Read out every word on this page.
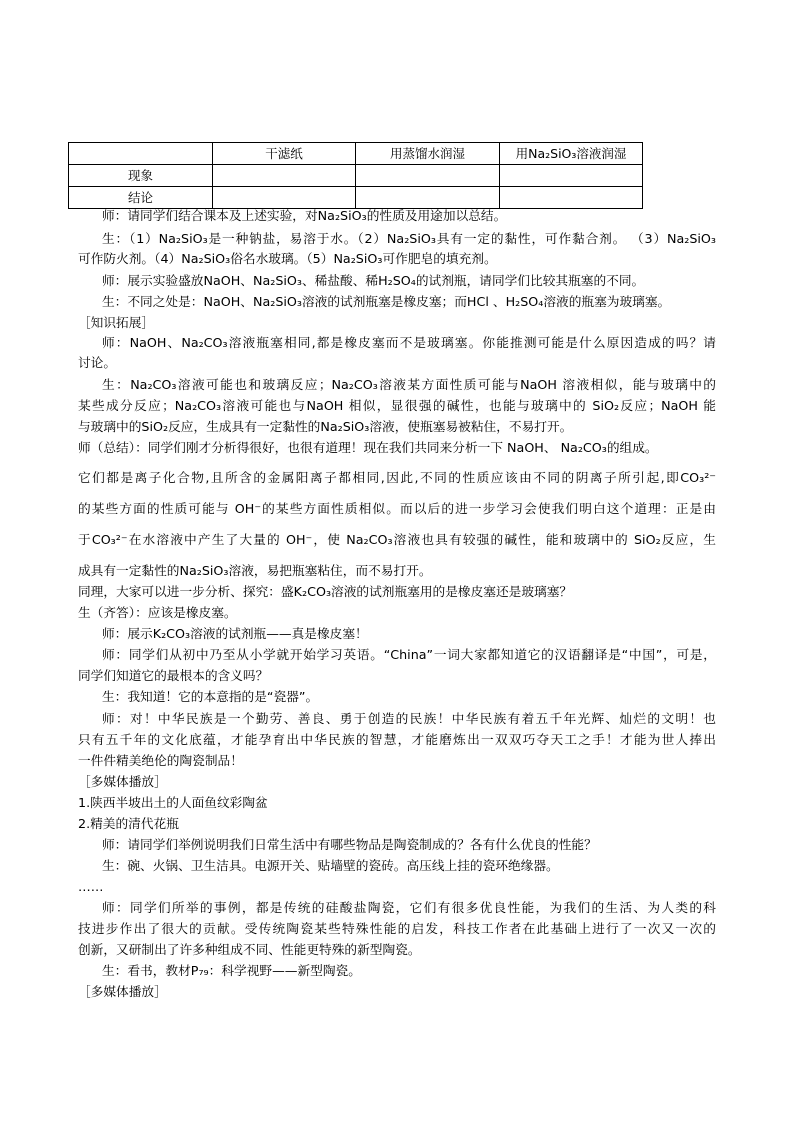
	干滤纸	用蒸馏水润湿	用Na₂SiO₃溶液润湿
现象			
结论			
师：请同学们结合课本及上述实验，对Na₂SiO₃的性质及用途加以总结。
生：（1）Na₂SiO₃是一种钠盐，易溶于水。（2）Na₂SiO₃具有一定的黏性，可作黏合剂。 （3）Na₂SiO₃
可作防火剂。（4）Na₂SiO₃俗名水玻璃。（5）Na₂SiO₃可作肥皂的填充剂。
师：展示实验盛放NaOH、Na₂SiO₃、稀盐酸、稀H₂SO₄的试剂瓶，请同学们比较其瓶塞的不同。
生：不同之处是：NaOH、Na₂SiO₃溶液的试剂瓶塞是橡皮塞；而HCl 、H₂SO₄溶液的瓶塞为玻璃塞。
［知识拓展］
师：NaOH、Na₂CO₃溶液瓶塞相同,都是橡皮塞而不是玻璃塞。你能推测可能是什么原因造成的吗？请
讨论。
生：Na₂CO₃溶液可能也和玻璃反应；Na₂CO₃溶液某方面性质可能与NaOH 溶液相似，能与玻璃中的
某些成分反应；Na₂CO₃溶液可能也与NaOH 相似，显很强的碱性，也能与玻璃中的 SiO₂反应；NaOH 能
与玻璃中的SiO₂反应，生成具有一定黏性的Na₂SiO₃溶液，使瓶塞易被粘住，不易打开。
师（总结）：同学们刚才分析得很好，也很有道理！现在我们共同来分析一下 NaOH、 Na₂CO₃的组成。
它们都是离子化合物,且所含的金属阳离子都相同,因此,不同的性质应该由不同的阴离子所引起,即CO₃²⁻
的某些方面的性质可能与 OH⁻的某些方面性质相似。而以后的进一步学习会使我们明白这个道理：正是由
于CO₃²⁻在水溶液中产生了大量的 OH⁻，使 Na₂CO₃溶液也具有较强的碱性，能和玻璃中的 SiO₂反应，生
成具有一定黏性的Na₂SiO₃溶液，易把瓶塞粘住，而不易打开。
同理，大家可以进一步分析、探究：盛K₂CO₃溶液的试剂瓶塞用的是橡皮塞还是玻璃塞？
生（齐答）：应该是橡皮塞。
师：展示K₂CO₃溶液的试剂瓶——真是橡皮塞！
师：同学们从初中乃至从小学就开始学习英语。“China”一词大家都知道它的汉语翻译是“中国”，可是，
同学们知道它的最根本的含义吗？
生：我知道！它的本意指的是“瓷器”。
师：对！中华民族是一个勤劳、善良、勇于创造的民族！中华民族有着五千年光辉、灿烂的文明！也
只有五千年的文化底蕴，才能孕育出中华民族的智慧，才能磨炼出一双双巧夺天工之手！才能为世人捧出
一件件精美绝伦的陶瓷制品！
［多媒体播放］
1.陕西半坡出土的人面鱼纹彩陶盆
2.精美的清代花瓶
师：请同学们举例说明我们日常生活中有哪些物品是陶瓷制成的？各有什么优良的性能？
生：碗、火锅、卫生洁具。电源开关、贴墙壁的瓷砖。高压线上挂的瓷环绝缘器。
……
师：同学们所举的事例，都是传统的硅酸盐陶瓷，它们有很多优良性能，为我们的生活、为人类的科
技进步作出了很大的贡献。受传统陶瓷某些特殊性能的启发，科技工作者在此基础上进行了一次又一次的
创新，又研制出了许多种组成不同、性能更特殊的新型陶瓷。
生：看书，教材P₇₉：科学视野——新型陶瓷。
［多媒体播放］
